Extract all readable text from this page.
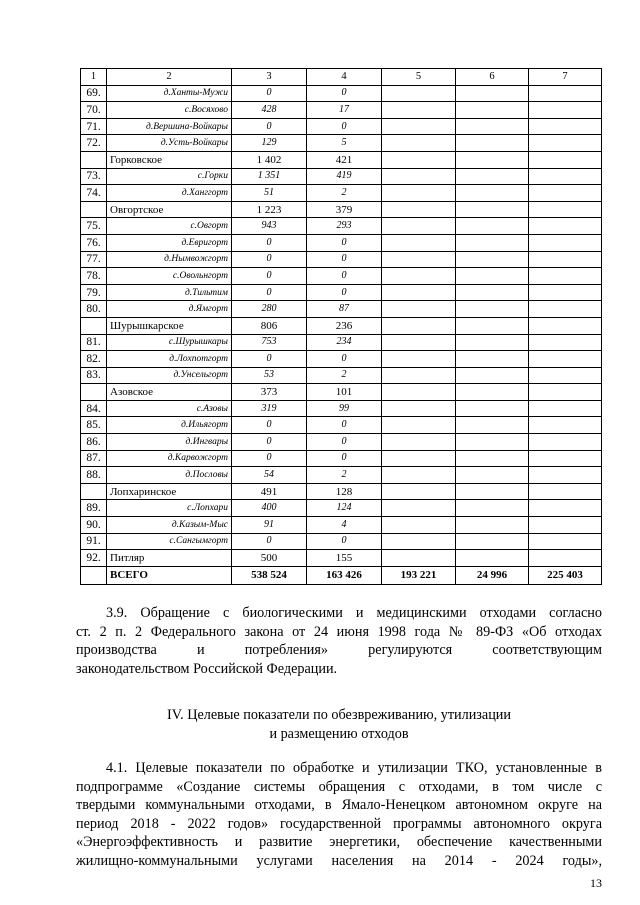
1	2	3	4	5	6	7
69.	д.Ханты-Мужи	0	0			
70.	с.Восяхово	428	17			
71.	д.Вершина-Войкары	0	0			
72.	д.Усть-Войкары	129	5			
	Горковское	1 402	421			
73.	с.Горки	1 351	419			
74.	д.Ханггорт	51	2			
	Овгортское	1 223	379			
75.	с.Овгорт	943	293			
76.	д.Евригорт	0	0			
77.	д.Нымвожгорт	0	0			
78.	с.Овольнгорт	0	0			
79.	д.Тильтим	0	0			
80.	д.Ямгорт	280	87			
	Шурышкарское	806	236			
81.	с.Шурышкары	753	234			
82.	д.Лохпотгорт	0	0			
83.	д.Унсельгорт	53	2			
	Азовское	373	101			
84.	с.Азовы	319	99			
85.	д.Ильягорт	0	0			
86.	д.Ингвары	0	0			
87.	д.Карвожгорт	0	0			
88.	д.Пословы	54	2			
	Лопхаринское	491	128			
89.	с.Лопхари	400	124			
90.	д.Казым-Мыс	91	4			
91.	с.Сангымгорт	0	0			
92.	Питляр	500	155			
	ВСЕГО	538 524	163 426	193 221	24 996	225 403
3.9. Обращение с биологическими и медицинскими отходами согласно
ст. 2 п. 2 Федерального закона от 24 июня 1998 года № 89-ФЗ «Об отходах
производства и потребления» регулируются соответствующим
законодательством Российской Федерации.
IV. Целевые показатели по обезвреживанию, утилизации
и размещению отходов
4.1. Целевые показатели по обработке и утилизации ТКО, установленные в
подпрограмме «Создание системы обращения с отходами, в том числе с
твердыми коммунальными отходами, в Ямало-Ненецком автономном округе на
период 2018 - 2022 годов» государственной программы автономного округа
«Энергоэффективность и развитие энергетики, обеспечение качественными
жилищно-коммунальными услугами населения на 2014 - 2024 годы»,
13
